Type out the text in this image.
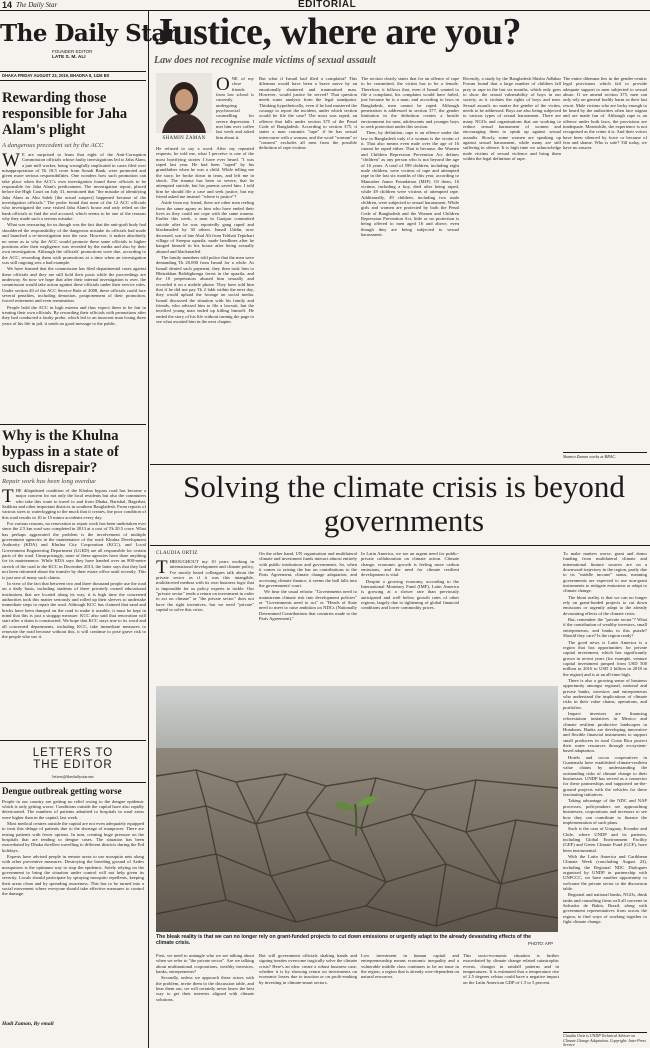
14 The Daily Star	EDITORIAL
The Daily Star
FOUNDER EDITOR
LATE S. M. ALI
DHAKA FRIDAY AUGUST 23, 2019, BHADRA 8, 1426 BS
Rewarding those responsible for Jaha Alam's plight
A dangerous precedent set by the ACC
W E are surprised to learn that eight of the Anti-Corruption Commission officials whose faulty investigations led to Jaha Alam, a jute mill worker, being wrongfully implicated in cases filed over misappropriation of Tk 18.5 crore from Sonali Bank, were promoted and given more serious responsibilities. One wonders how such promotion can take place when the ACC's own investigation found these officials to be responsible for Jaha Alam's predicament. The investigation report, placed before the High Court on July 31, mentioned that "the mistake of identifying Jaha Alam as Abu Salek [the actual suspect] happened because of the investigation officials." The probe found that none of the 12 ACC officials who investigated the case visited Jaha Alam's house and only relied on the bank officials to find the real accused, which seems to be one of the reasons why they made such a serious mistake.

What was reassuring for us though was the fact that the anti-graft body had shouldered the responsibility of the dangerous mistake its officials had made and launched a re-investigation into the case. However, it makes absolutely no sense as to why the ACC would promote these same officials to higher positions after their negligence was revealed by the media and also by their own investigation. Although the officials' promotions were due, according to the ACC, rewarding them with promotions at a time when an investigation was still ongoing sets a bad example.

We have learned that the commission has filed departmental cases against these officials and they are still hold their posts while the proceedings are underway. So now we hope that after their internal investigation is over, the commission would take action against these officials under their service rules. Under section 40 of the ACC Service Rule of 2008, these officials could face several penalties, including demotion, postponement of their promotion, forced retirement and even termination.

People hold the ACC in high esteem and thus expect them to be fair in treating their own officials. By rewarding their officials with promotions after they had conducted a faulty probe, which led to an innocent man losing three years of his life in jail, it sends no good message to the public.

Why is the Khulna bypass in a state of such disrepair?
Repair work has been long overdue
T HE dilapidated condition of the Khulna bypass road has become a major concern for not only the local residents but also the commuters who take this route to travel to and from Dhaka, Barishal, Bagerhat, Satkhira and other important districts in southern Bangladesh. From reports of various sizes to waterlogging to the muck that it creates, the poor condition of this road results in 10 to 15 minor accidents every day.

For various reasons, no renovation or repair work has been undertaken ever since the 2.5 km road was completed in 2013 at a cost of Tk 20.5 crore. What has perhaps aggravated the problem is the involvement of multiple government agencies in the maintenance of the road: Khulna Development Authority (KDA) and Khulna City Corporation (KCC), and Local Government Engineering Department (LGED) are all responsible for certain parts of the road. Unsurprisingly, none of these agencies have done anything for its maintenance. While KDA says they have handed over an 800-metre stretch of the road to the KCC in December 2013, the latter says that they had not been informed about the transfer by their estate office until recently. This is just one of many such claims.

In view of the fact that between two and three thousand people use the road on a daily basis, including students of three privately owned educational institutions that are located along its way, it is high time the concerned authorities took this matter seriously and rolled up their sleeves to undertake immediate steps to repair the road. Although KCC has claimed that sand and bricks have been dumped on the road to make it useable, it must be kept in mind that this is just a stopgap measure. KCC also said that renovation will start after a drain is constructed. We hope that KCC stays true to its word and all concerned departments, including KCC, take immediate measures to renovate the road because without this, it will continue to pose grave risk to the people who use it.

LETTERS TO THE EDITOR
letters@thedailystar.net
Dengue outbreak getting worse

People in our country are getting no relief owing to the dengue epidemic which is only getting worse. Conditions outside the capital have also rapidly deteriorated. The numbers of patients admitted to hospitals in rural areas were higher than in the capital, last week.

Most medical centres outside the capital are not even adequately equipped to treat this deluge of patients due to the shortage of manpower. There are testing patients with fewer options. In turn, creating huge pressure on the hospitals that are tending to dengue cases. The situation has been exacerbated by Dhaka dwellers travelling to different districts during the Eid holidays.

Experts have advised people in remote areas to use mosquito nets along with other preventive measures. Destroying the breeding ground of Aedes mosquitoes is the optimum way to stop the epidemic. Solely relying on the government to bring the situation under control will not help given its severity. Locals should participate by spraying mosquito repellents, keeping their areas clean and by spreading awareness. This has to be turned into a social movement where everyone should take effective measures to control the damage.

Hadi Zaman, By email
Justice, where are you?
Law does not recognise male victims of sexual assault
SHAMIN ZAMAN
O NE of my close friends from law school is currently undergoing psychosocial counselling for severe depression. I met him over coffee last week and asked him about it.

He refused to say a word. After my repeated requests, he told me, what I perceive is one of the most horrifying stories I have ever heard. "I was raped last year. He had been "raped" by his grandfather when he was a child. While telling me the story, he broke down in tears, and left me in shock. The trauma has been so severe, that he attempted suicide, but his parents saved him. I told him he should file a case and seek justice, but my friend asked me instead: "where is justice"?

Aside from my friend, there are other men reeling from the same agony as him who have ended their lives as they could not cope with the same trauma. Earlier this week, a man in Gazipur committed suicide after he was reportedly gang raped and blackmailed by 30 others. Ismail Uddin, now deceased, son of late Abul Ali from Telihati Tepirbari village of Sreepur upazila, made headlines after he hanged himself in his house after being sexually abused and blackmailed.

The family members told police that the men were demanding Tk 20,000 from Ismail for a while. As Ismail denied such payment, they then took him to Bhitrakhan Balidighonga forest in the upazila, and the 10 perpetrators abused him sexually and recorded it on a mobile phone. They have told him that if he did not pay Tk 2 lakh within the next day, they would upload the footage on social media. Ismail discussed the situation with his family and friends, who advised him to file a lawsuit, but the terrified young man ended up killing himself. He ended the story of his life without turning the page to see what awaited him in the next chapter.

But what if Ismail had filed a complaint? This dilemma would have been a brave move by an emotionally shattered and traumatised man. However, would justice be served? That question needs some analysis from the legal standpoint. Thinking hypothetically, even if he had mustered the courage to report the incident, under which section would he file the case? The most was raped, an offence that falls under section 375 of the Penal Code of Bangladesh. According to section 375, it states a man commits "rape" if he has sexual intercourse with a woman, and the word "woman" or "consent" excludes all men from the possible definition of rape victims.

The section clearly states that for an offence of rape to be committed, the victim has to be a female. Therefore, it follows that, even if Ismail wanted to file a complaint, his complaint would have failed, just because he is a man; and according to laws in Bangladesh, men cannot be raped. Although penetration is addressed in section 377, the gender limitation in the definition creates a hostile environment for men, adolescents and younger boys to seek protection under this section.

Then, by definition, rape is an offence under the law in Bangladesh only if a woman is the victim of it. That also means even male over the age of 16 cannot be raped either. That is because, the Women and Children Repression Prevention Act defines "children" as any person who is not beyond the age of 16 years. A total of 599 children, including eight male children, were victims of rape and attempted rape in the last six months of this year, according to Manusher Jonno Foundation (MJF). Of them, 16 victims, including a boy, died after being raped, while 49 children were victims of attempted rape. Additionally, 49 children, including two male children, were subjected to sexual harassment. While girls and women are protected by both the Penal Code of Bangladesh and the Women and Children Repression Prevention Act, little or no protection is being offered to men aged 16 and above, even though they are being subjected to sexual harassment.

Recently, a study by the Bangladesh Shishu Adhikar Forum found that a large number of children fall prey to rape in the last six months, which only goes to show the sexual vulnerability of boys in our society, as it violates the rights of boys and men. Sexual assault, no matter the gender of the victim, needs to be addressed. Boys are also being subjected to various types of sexual harassment. There are many NGOs and organisations that are working to reduce sexual harassment of women and encouraging them to speak up against sexual assaults. Slowly, some women are speaking up against sexual harassment, while many are still suffering in silence. It is high time we acknowledge male victims of sexual violence and bring them within the legal definition of rape.

The entire dilemma lies in the gender-centric legal provisions which fail to provide adequate support to men subjected to sexual abuse. If we amend section 375, men can only rely on general bodily harm as their last resort. Male victims who are lucky enough to be heard by the authorities often face stigma and are made fun of. Although rape is an offence under both laws, the provisions are inadequate. Meanwhile, the experience is not recognised as the crime it is. And their voices have been silenced by force or because of fear and shame. Who is safe? Till today, we have no answer.

Shamin Zaman works at BRAC.
Solving the climate crisis is beyond governments
CLAUDIA ORTIZ
T HROUGHOUT my 10 years working in international development and climate policy, I've mostly heard colleagues talk about the private sector as if it was this intangible, multifaceted medusa with its own business logic that is impossible for us policy experts to tackle. Our "private sector" tends a return on investment in order to act on climate" or "the private sector" does not have the right incentives, but we need "private" capital to solve this crisis.

On the other hand, UN organisation and multilateral climate and investment funds interact almost entirely with public institutions and governments. So, when it comes to raising the bar on contributions to the Paris Agreement, climate change adaptation, and accessing climate finance, it seems the ball falls into the governments' court.

We hear the usual refrain: "Governments need to mainstream climate risk into development policies" or "Governments need to act" or "Heads of State need to meet to raise ambition on NDCs (Nationally Determined Contributions that countries made to the Paris Agreement)."

In Latin America, we see an urgent need for public-private collaboration on climate action. Climate change, economic growth is feeling more carbon emissions, and the need for climate resilient development is vital.

Despite a growing economy, according to the International Monetary Fund (IMF), Latin America is growing at a slower rate than previously anticipated and well below growth rates of other regions, largely due to tightening of global financial conditions and lower commodity prices.

To make matters worse, grant and donor funding from multilateral climate and international finance sources are on a downward trajectory in the region, partly due to its "middle income" status, meaning governments are expected to use non-grant instruments to mitigate emissions or adapt to climate change.

The blunt reality is that we can no longer rely on grant-funded projects to cut down emissions or urgently adapt to the already devastating effects of the climate crisis.

But, remember the "private sector"? What if the contribution of wealthy investors, small entrepreneurs, and banks to this puzzle? Should they care? Is the region ready?

The good news is Latin America is a region that has opportunities for private capital investment, which has significantly grown in recent years (for example, venture capital investment jumped from USD 500 million in 2016 to USD 2 billion in 2018 in the region) and is at an all-time high.

There is also a growing sense of business opportunity amongst regional, national and private banks, investors and entrepreneurs who understand the implications of climate risks in their value chains, operations, and portfolios.

Impact investors are financing reforestation initiatives in Mexico and climate resilient productive landscapes in Honduras. Banks are developing innovative and flexible financial instruments to support small producers in rural Costa Rica protect their water resources through ecosystem-based adaptation.

Hotels and cocoa cooperatives in Guatemala have established climate-resilient value chains by understanding the outstanding risks of climate change to their businesses. UNDP has served as a connector for these partnerships and supported on-the-ground projects with the vehicles for these fascinating initiatives.

Taking advantage of the NDC and NAP processes, policymakers are approaching businesses, corporations and investors to see how they can contribute to finance the implementation of such plans.

Such is the case of Uruguay, Ecuador and Chile, where UNDP and its partners, including Global Environment Facility (GEF) and Green Climate Fund (GCF), have been instrumental.

With the Latin America and Caribbean Climate Week (concluding August 23), including the Regional NDC Dialogues organised by UNDP in partnership with UNFCCC, we have another opportunity to welcome the private sector to the discussion table.

Regional and national banks, NGOs, think tanks and consulting firms will all convene in Salvador de Bahia, Brazil, along with government representatives from across the region, to find ways of working together to fight climate change.

Claudia Ortiz is UNDP Technical Adviser on Climate Change Adaptation. Copyright: Inter Press Service
The bleak reality is that we can no longer rely on grant-funded projects to cut down emissions or urgently adapt to the already devastating effects of the climate crisis.	PHOTO: AFP

First, we need to untangle who we are talking about when we refer to "the private sector". Are we talking about multinational corporations, wealthy investors, banks, entrepreneurs?

Secondly, unless we approach these actors with the problem, invite them to the discussion table, and hear them out, we will certainly never know the best way to get their interests aligned with climate solutions.

But will government officials shaking hands and signing treaties overcome tragically solve the climate crisis? Here's an idea: create a robust business case, whether it is by showing return on investments on economic losses due to inaction or on profit-making by investing in climate-smart sectors.

Low investment in human capital and entrepreneurship means economic inequality and a vulnerable middle class continues to be an issue in the region, a region that is already over-dependent on natural resources.

This socio-economic situation is further exacerbated by climate change related catastrophic events, changes in rainfall patterns and in temperatures. It is estimated that a temperature rise of 2.5 degrees celsius could have a negative impact on the Latin American GDP of 1.5 to 5 percent.
